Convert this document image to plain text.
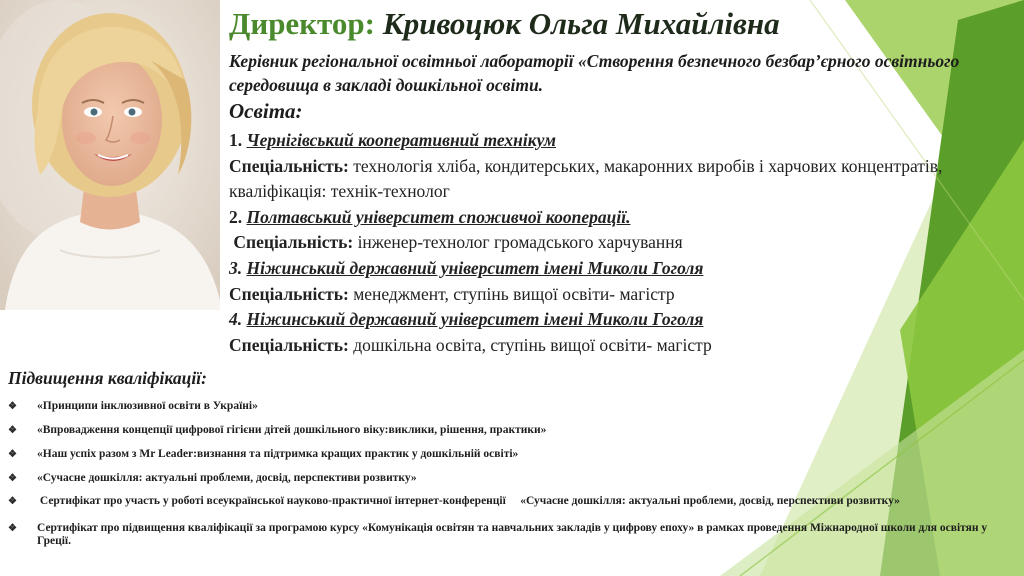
Директор: Кривоцюк Ольга Михайлівна
Керівник регіональної освітньої лабораторії «Створення безпечного безбар’єрного освітнього середовища в закладі дошкільної освіти.
Освіта:
1. Чернігівський кооперативний технікум
Спеціальність: технологія хліба, кондитерських, макаронних виробів і харчових концентратів, кваліфікація: технік-технолог
2. Полтавський університет споживчої кооперації.
Спеціальність: інженер-технолог громадського харчування
3. Ніжинський державний університет імені Миколи Гоголя
Спеціальність: менеджмент, ступінь вищої освіти- магістр
4. Ніжинський державний університет імені Миколи Гоголя
Спеціальність: дошкільна освіта, ступінь вищої освіти- магістр
Підвищення кваліфікації:
❖ «Принципи інклюзивної освіти в Україні»
❖ «Впровадження концепції цифрової гігієни дітей дошкільного віку:виклики, рішення, практики»
❖ «Наш успіх разом з Mr Leader:визнання та підтримка кращих практик у дошкільній освіті»
❖ «Сучасне дошкілля: актуальні проблеми, досвід, перспективи розвитку»
❖ Сертифікат про участь у роботі всеукраїнської науково-практичної інтернет-конференції     «Сучасне дошкілля: актуальні проблеми, досвід, перспективи розвитку»
❖ Сертифікат про підвищення кваліфікації за програмою курсу «Комунікація освітян та навчальних закладів у цифрову епоху» в рамках проведення Міжнародної школи для освітян у Греції.
